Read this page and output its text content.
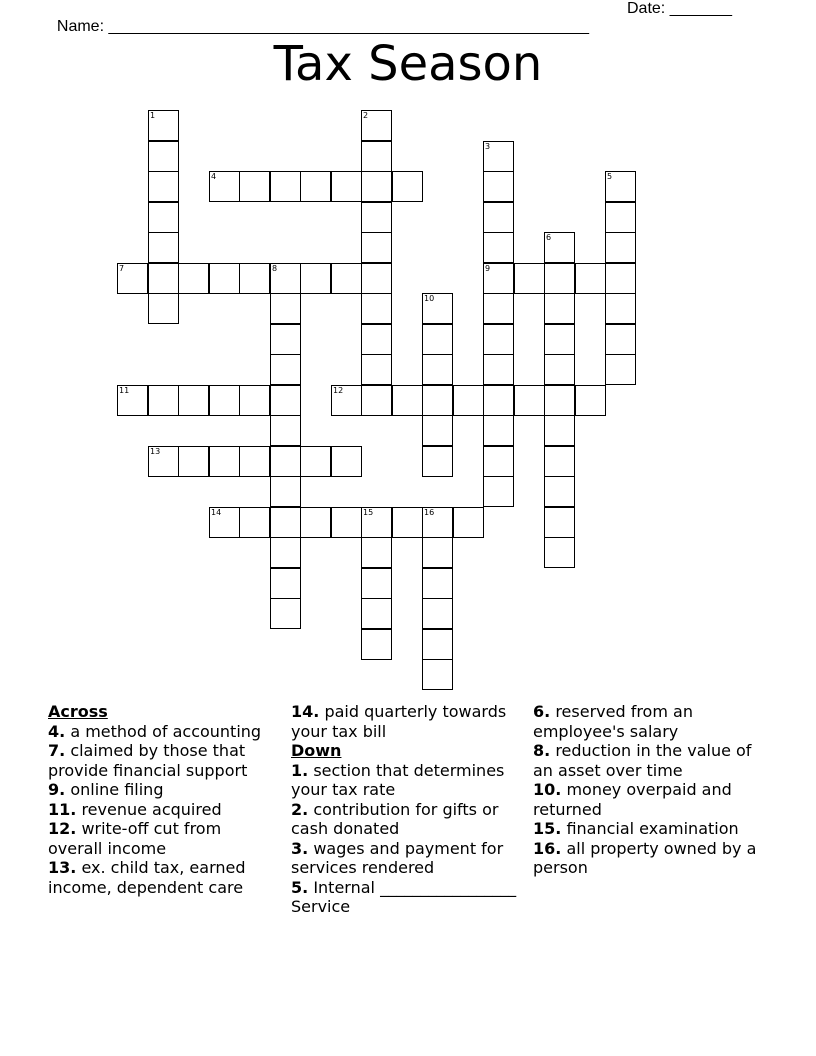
Name: ______________________________________________________

Date: _______

Tax Season
1	2
3
9
4	5
6
7	8
10
11	12
13
14	15	16
Across
4. a method of accounting
7. claimed by those that provide financial support
9. online filing
11. revenue acquired
12. write-off cut from overall income
13. ex. child tax, earned income, dependent care
14. paid quarterly towards your tax bill
Down
1. section that determines your tax rate
2. contribution for gifts or cash donated
3. wages and payment for services rendered
5. Internal _________________ Service
6. reserved from an employee's salary
8. reduction in the value of an asset over time
10. money overpaid and returned
15. financial examination
16. all property owned by a person
